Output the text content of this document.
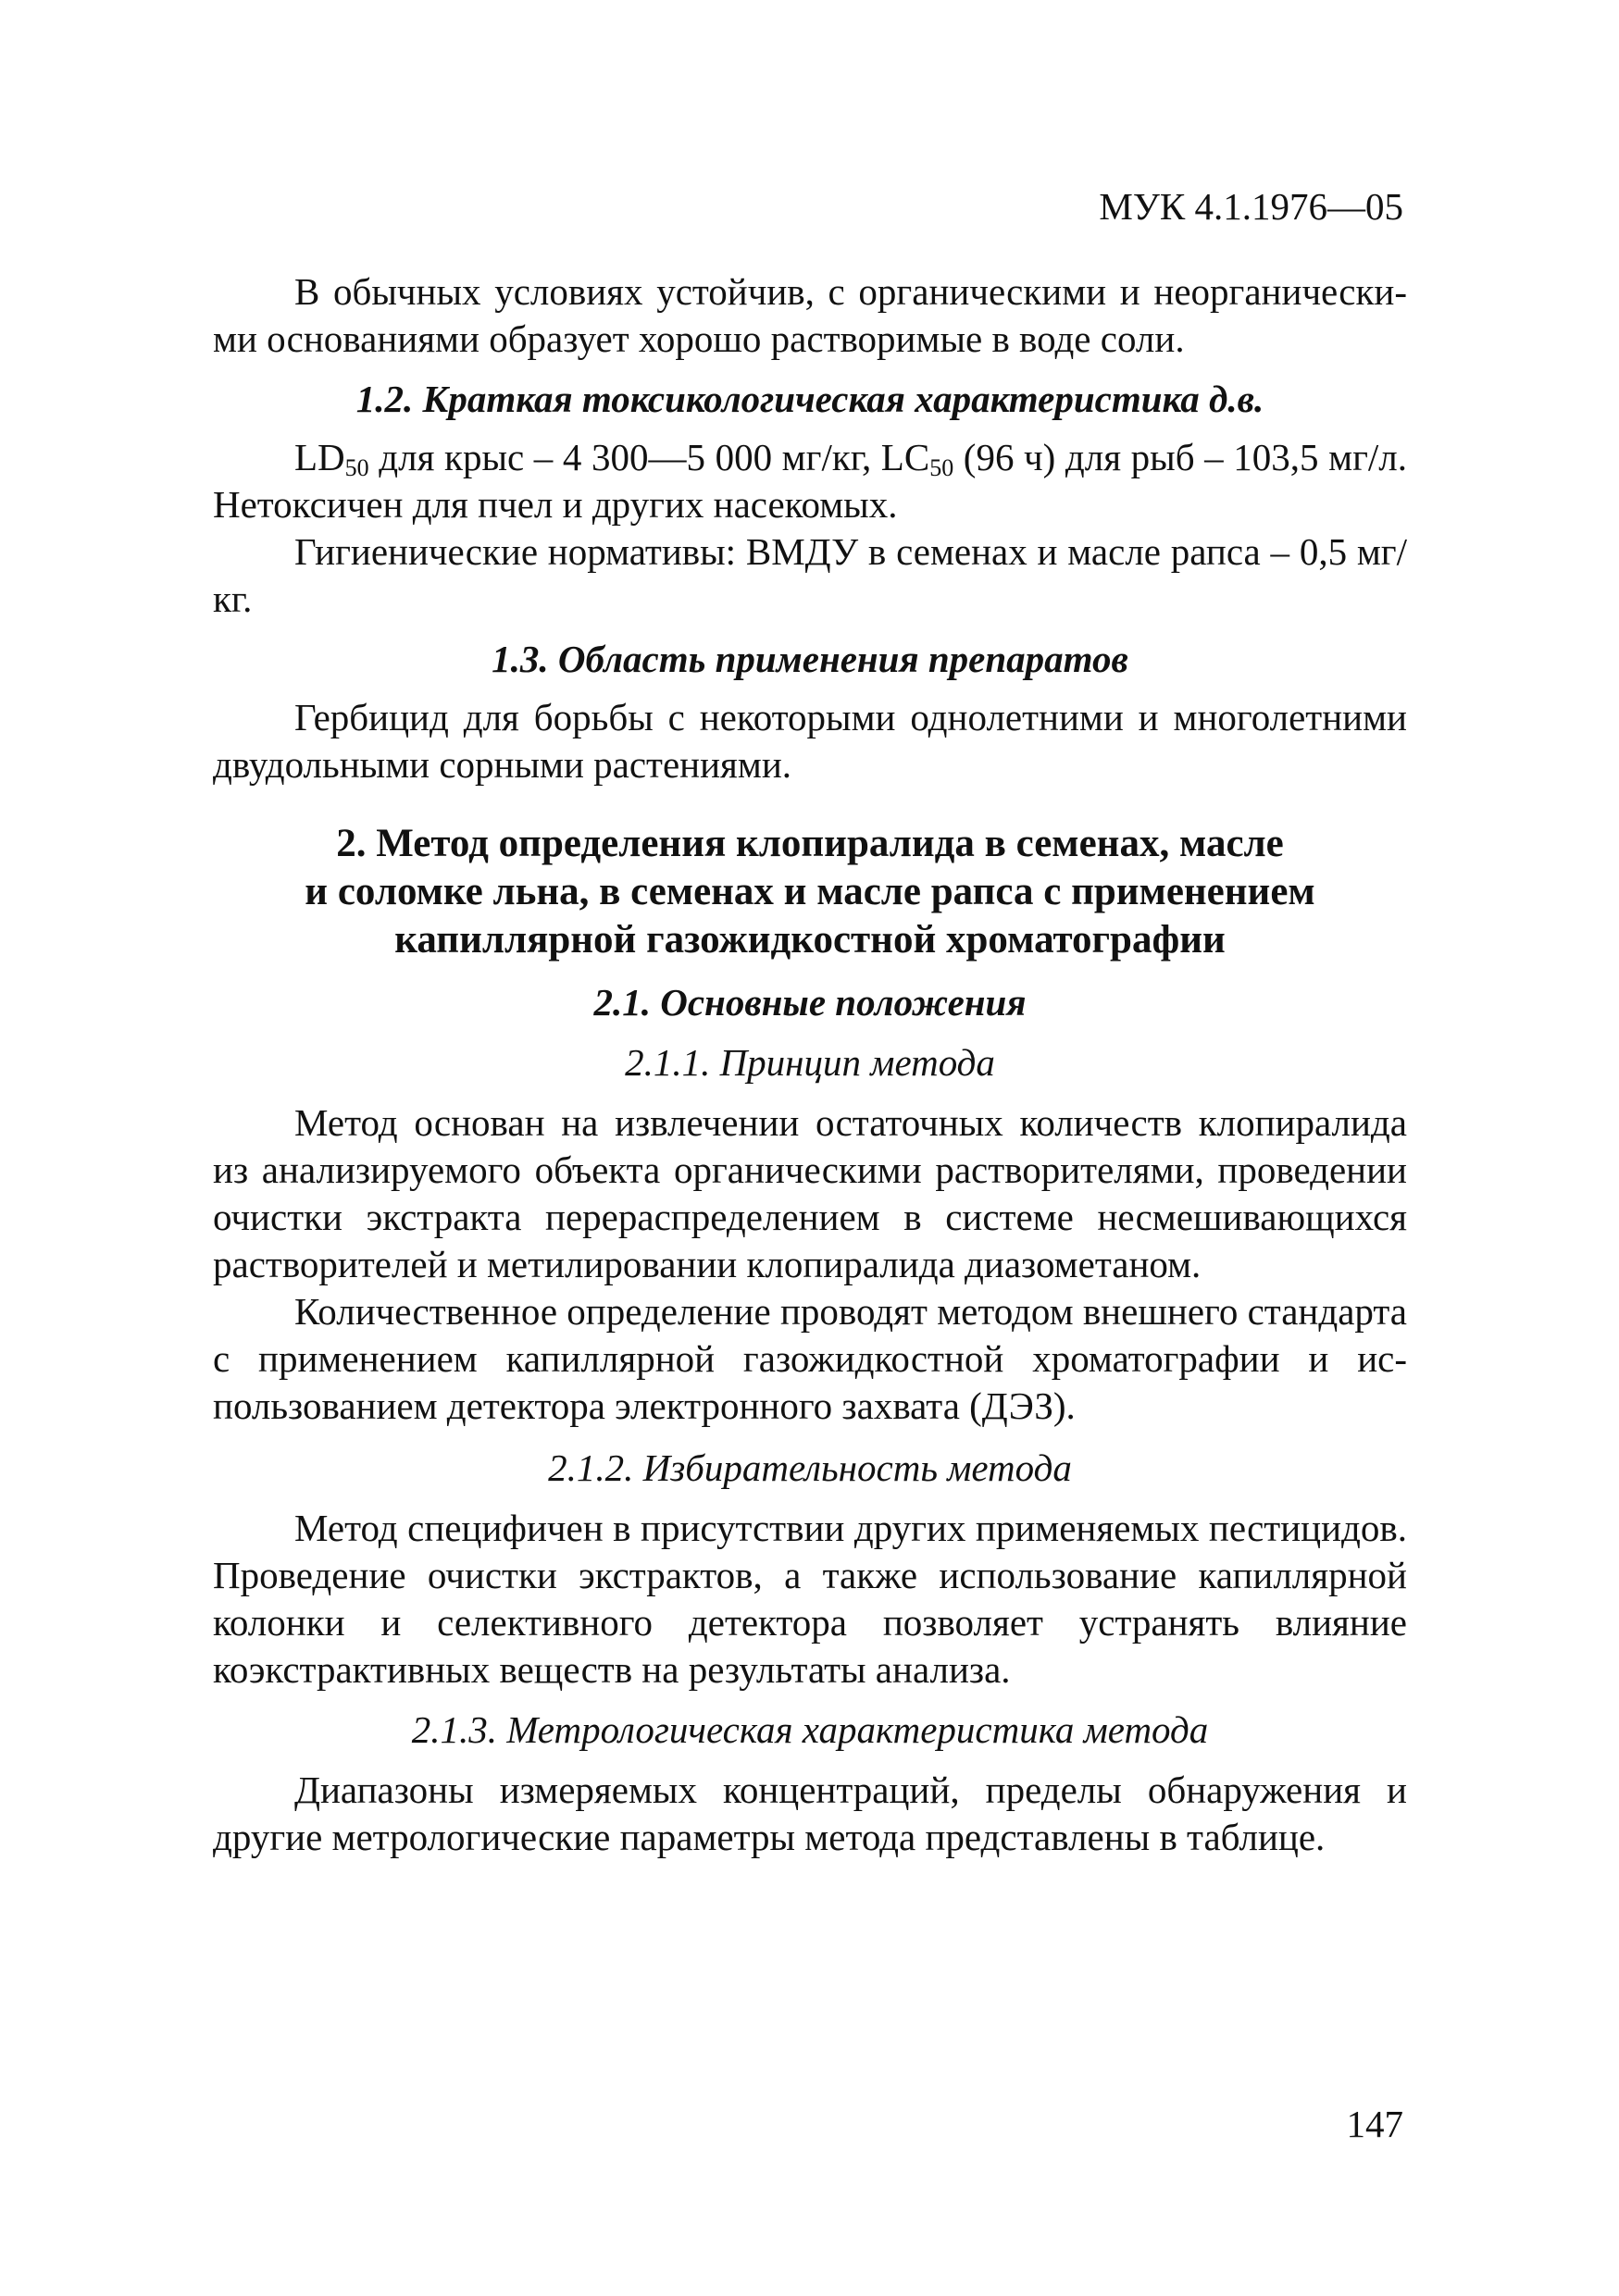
МУК 4.1.1976—05

В обычных условиях устойчив, с органическими и неорганическими основаниями образует хорошо растворимые в воде соли.

1.2. Краткая токсикологическая характеристика д.в.

$LD_{50}$ для крыс – 4 300—5 000 мг/кг, $LC_{50}$ (96 ч) для рыб – 103,5 мг/л. Нетоксичен для пчел и других насекомых.

Гигиенические нормативы: ВМДУ в семенах и масле рапса – 0,5 мг/кг.

1.3. Область применения препаратов

Гербицид для борьбы с некоторыми однолетними и многолетними двудольными сорными растениями.

2. Метод определения клопиралида в семенах, масле
и соломке льна, в семенах и масле рапса с применением
капиллярной газожидкостной хроматографии

2.1. Основные положения

2.1.1. Принцип метода

Метод основан на извлечении остаточных количеств клопиралида из анализируемого объекта органическими растворителями, проведении очистки экстракта перераспределением в системе несмешивающихся растворителей и метилировании клопиралида диазометаном.

Количественное определение проводят методом внешнего стандарта с применением капиллярной газожидкостной хроматографии и использованием детектора электронного захвата (ДЭЗ).

2.1.2. Избирательность метода

Метод специфичен в присутствии других применяемых пестицидов. Проведение очистки экстрактов, а также использование капиллярной колонки и селективного детектора позволяет устранять влияние коэкстрактивных веществ на результаты анализа.

2.1.3. Метрологическая характеристика метода

Диапазоны измеряемых концентраций, пределы обнаружения и другие метрологические параметры метода представлены в таблице.

147
